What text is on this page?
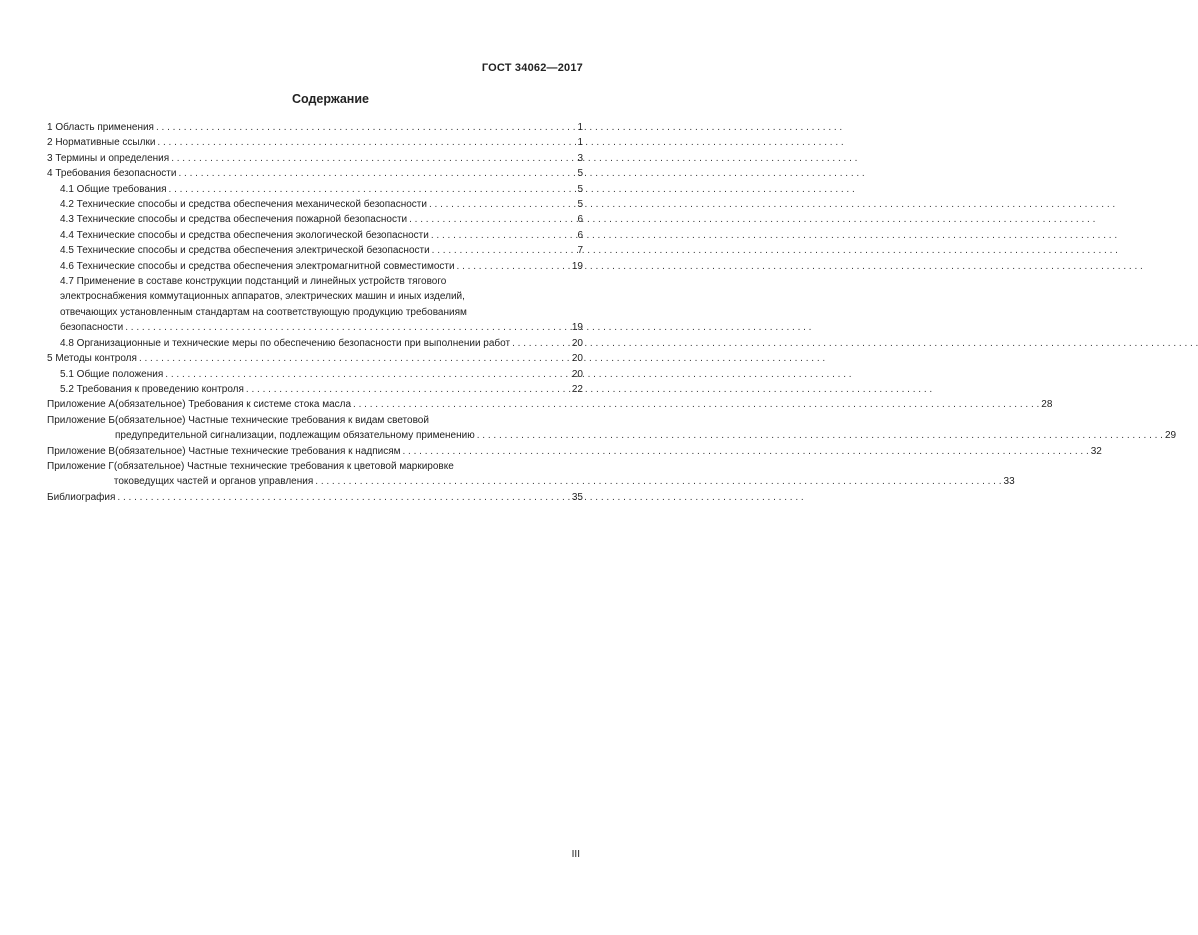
ГОСТ 34062—2017
Содержание
1 Область применения . . .	1
2 Нормативные ссылки . . .	1
3 Термины и определения . . .	3
4 Требования безопасности . . .	5
4.1 Общие требования . . .	5
4.2 Технические способы и средства обеспечения механической безопасности . . .	5
4.3 Технические способы и средства обеспечения пожарной безопасности . . .	6
4.4 Технические способы и средства обеспечения экологической безопасности . . .	6
4.5 Технические способы и средства обеспечения электрической безопасности . . .	7
4.6 Технические способы и средства обеспечения электромагнитной совместимости . . .	19
4.7 Применение в составе конструкции подстанций и линейных устройств тягового
электроснабжения коммутационных аппаратов, электрических машин и иных изделий,
отвечающих установленным стандартам на соответствующую продукцию требованиям
безопасности . . .	19
4.8 Организационные и технические меры по обеспечению безопасности при выполнении работ . . .	20
5 Методы контроля . . .	20
5.1 Общие положения . . .	20
5.2 Требования к проведению контроля . . .	22
Приложение А (обязательное) Требования к системе стока масла . . .	28
Приложение Б (обязательное) Частные технические требования к видам световой
предупредительной сигнализации, подлежащим обязательному применению . . .	29
Приложение В (обязательное) Частные технические требования к надписям . . .	32
Приложение Г (обязательное) Частные технические требования к цветовой маркировке
токоведущих частей и органов управления . . .	33
Библиография . . .	35
III
